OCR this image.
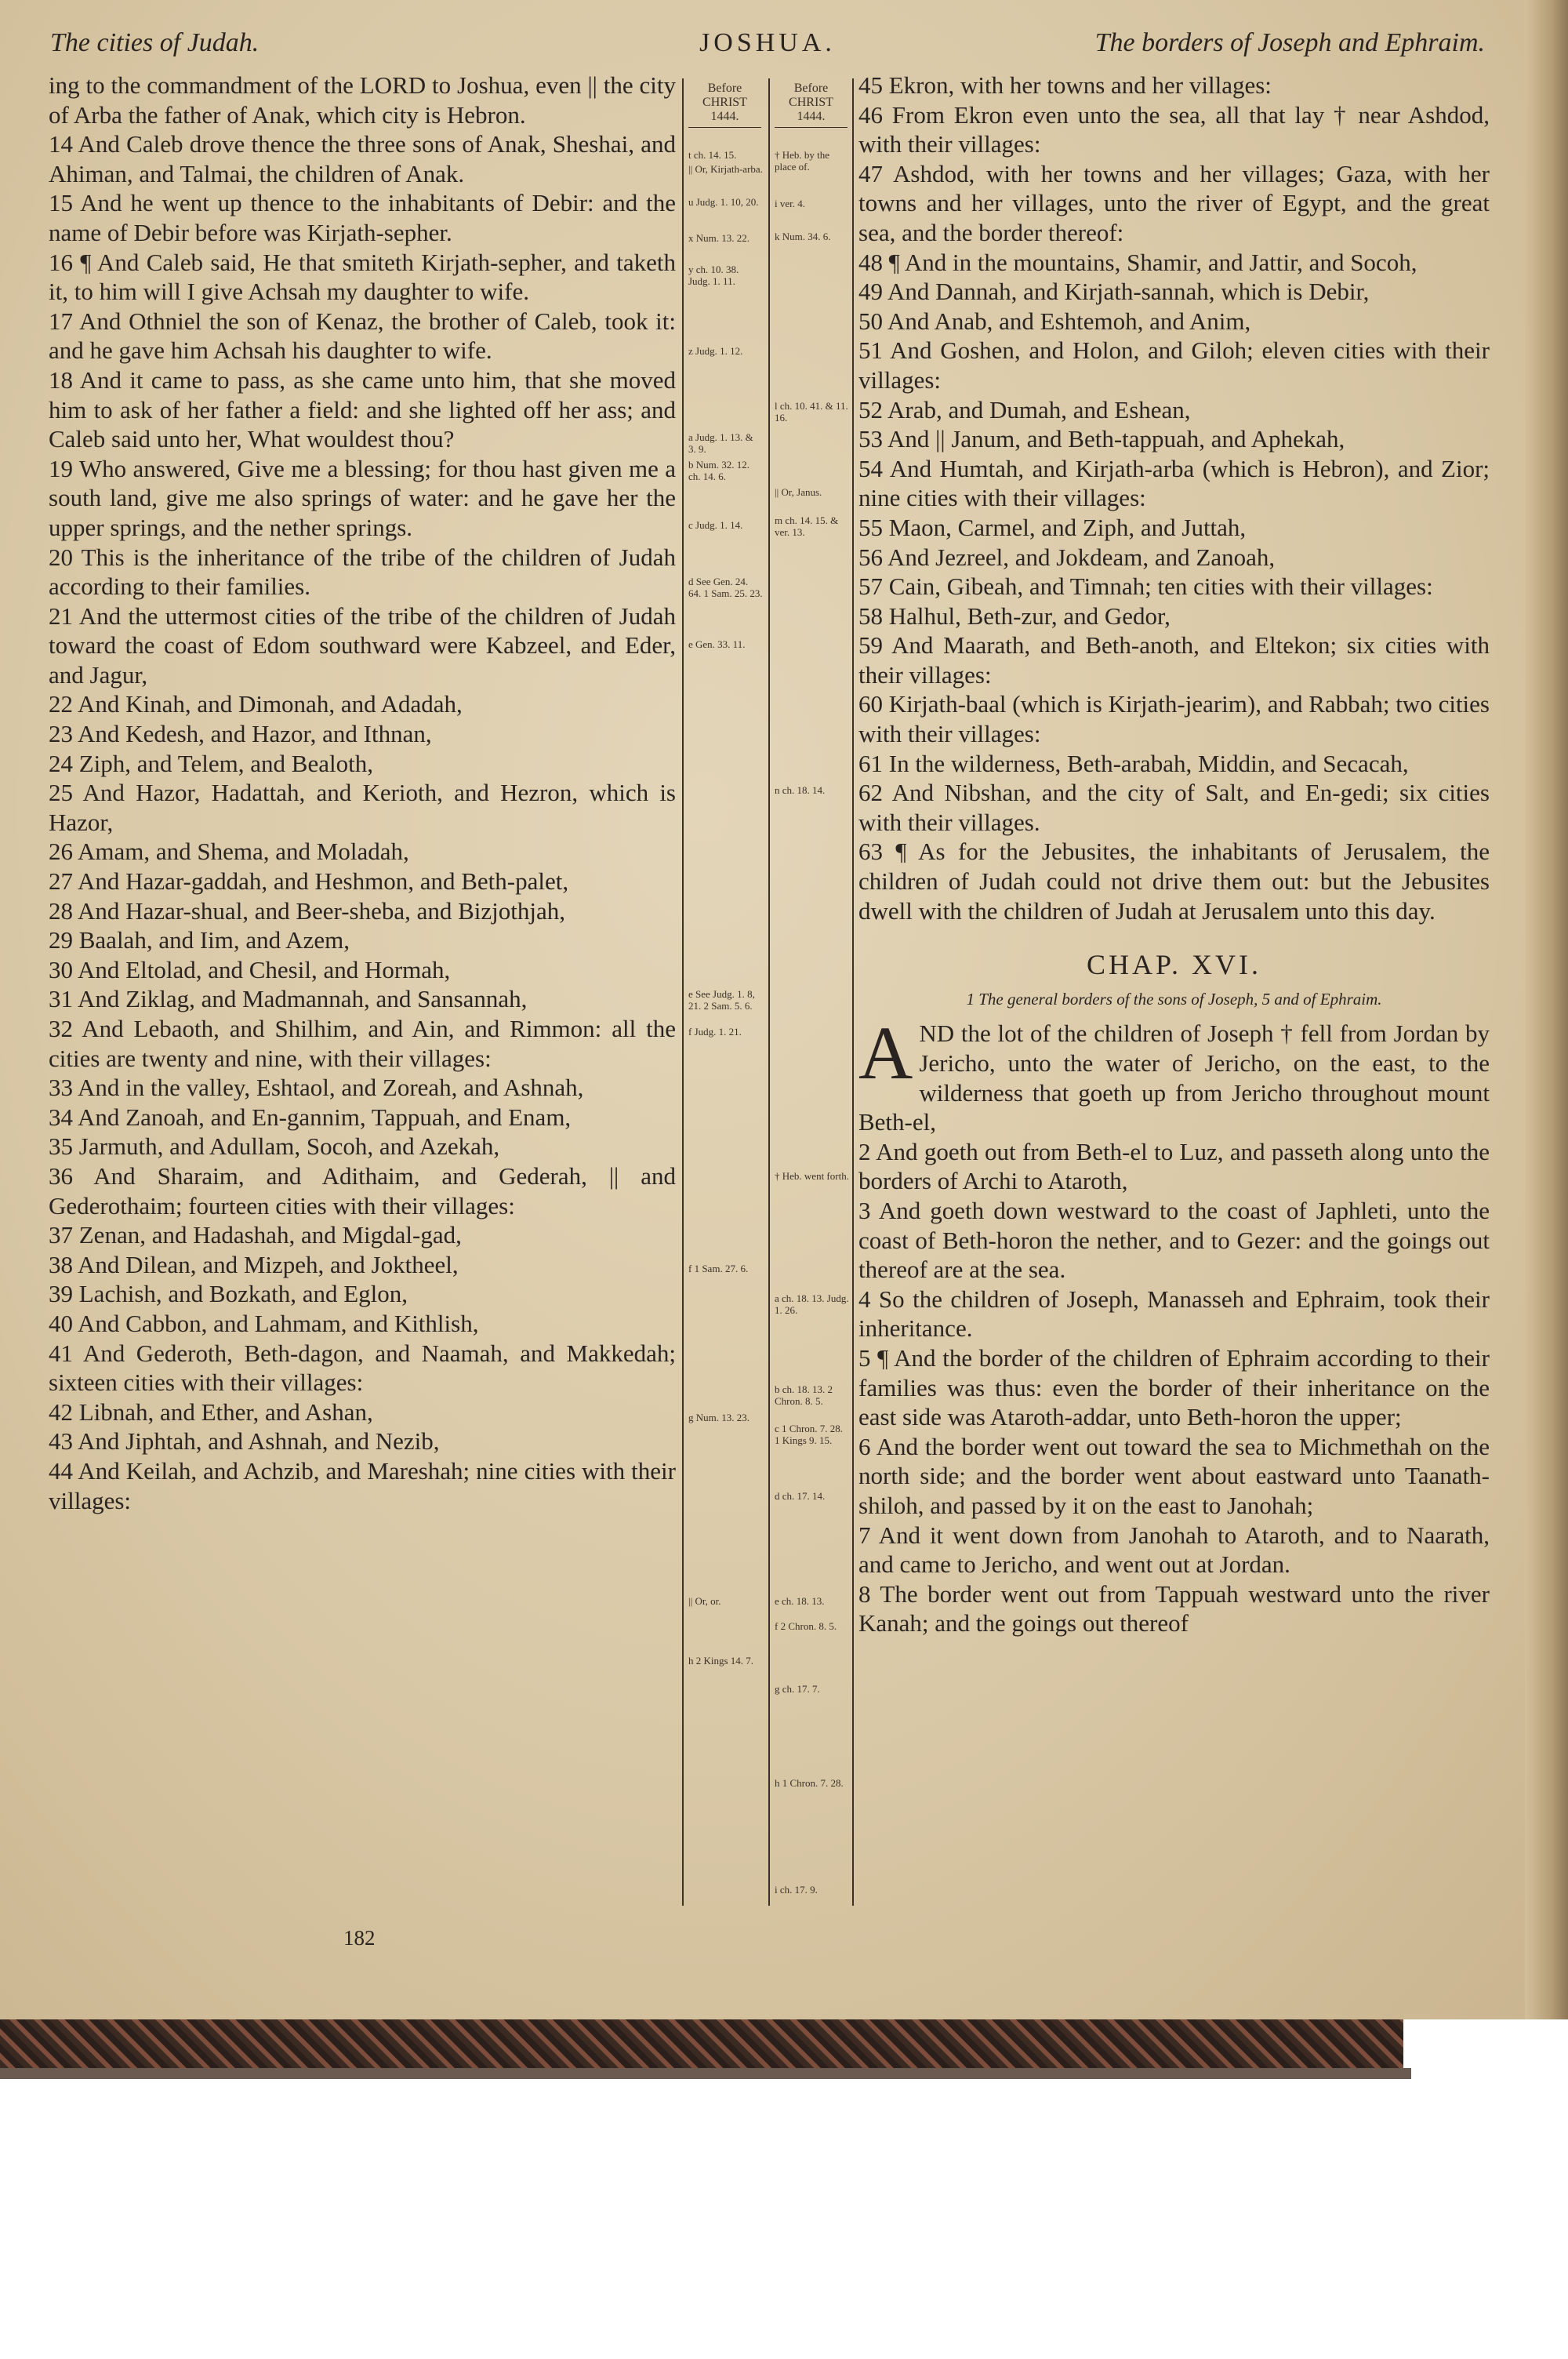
The cities of Judah.	JOSHUA.	The borders of Joseph and Ephraim.

ing to the commandment of the LORD to Joshua, even || the city of Arba the father of Anak, which city is Hebron.

14 And Caleb drove thence the three sons of Anak, Sheshai, and Ahiman, and Talmai, the children of Anak.

15 And he went up thence to the inhabitants of Debir: and the name of Debir before was Kirjath-sepher.

16 ¶ And Caleb said, He that smiteth Kirjath-sepher, and taketh it, to him will I give Achsah my daughter to wife.

17 And Othniel the son of Kenaz, the brother of Caleb, took it: and he gave him Achsah his daughter to wife.

18 And it came to pass, as she came unto him, that she moved him to ask of her father a field: and she lighted off her ass; and Caleb said unto her, What wouldest thou?

19 Who answered, Give me a blessing; for thou hast given me a south land, give me also springs of water: and he gave her the upper springs, and the nether springs.

20 This is the inheritance of the tribe of the children of Judah according to their families.

21 And the uttermost cities of the tribe of the children of Judah toward the coast of Edom southward were Kabzeel, and Eder, and Jagur,

22 And Kinah, and Dimonah, and Adadah,

23 And Kedesh, and Hazor, and Ithnan,

24 Ziph, and Telem, and Bealoth,

25 And Hazor, Hadattah, and Kerioth, and Hezron, which is Hazor,

26 Amam, and Shema, and Moladah,

27 And Hazar-gaddah, and Heshmon, and Beth-palet,

28 And Hazar-shual, and Beer-sheba, and Bizjothjah,

29 Baalah, and Iim, and Azem,

30 And Eltolad, and Chesil, and Hormah,

31 And Ziklag, and Madmannah, and Sansannah,

32 And Lebaoth, and Shilhim, and Ain, and Rimmon: all the cities are twenty and nine, with their villages:

33 And in the valley, Eshtaol, and Zoreah, and Ashnah,

34 And Zanoah, and En-gannim, Tappuah, and Enam,

35 Jarmuth, and Adullam, Socoh, and Azekah,

36 And Sharaim, and Adithaim, and Gederah, || and Gederothaim; fourteen cities with their villages:

37 Zenan, and Hadashah, and Migdal-gad,

38 And Dilean, and Mizpeh, and Joktheel,

39 Lachish, and Bozkath, and Eglon,

40 And Cabbon, and Lahmam, and Kithlish,

41 And Gederoth, Beth-dagon, and Naamah, and Makkedah; sixteen cities with their villages:

42 Libnah, and Ether, and Ashan,

43 And Jiphtah, and Ashnah, and Nezib,

44 And Keilah, and Achzib, and Mareshah; nine cities with their villages:

Before CHRIST 1444.
t ch. 14. 15.
|| Or, Kirjath-arba.
u Judg. 1. 10, 20.
x Num. 13. 22.
y ch. 10. 38. Judg. 1. 11.
z Judg. 1. 12.
a Judg. 1. 13. & 3. 9.
b Num. 32. 12. ch. 14. 6.
c Judg. 1. 14.
d See Gen. 24. 64. 1 Sam. 25. 23.
e Gen. 33. 11.
e See Judg. 1. 8, 21. 2 Sam. 5. 6.
f Judg. 1. 21.
f 1 Sam. 27. 6.
g Num. 13. 23.
|| Or, or.
h 2 Kings 14. 7.
Before CHRIST 1444.
† Heb. by the place of.
i ver. 4.
k Num. 34. 6.
l ch. 10. 41. & 11. 16.
|| Or, Janus.
m ch. 14. 15. & ver. 13.
n ch. 18. 14.
† Heb. went forth.
a ch. 18. 13. Judg. 1. 26.
b ch. 18. 13. 2 Chron. 8. 5.
c 1 Chron. 7. 28. 1 Kings 9. 15.
d ch. 17. 14.
e ch. 18. 13.
f 2 Chron. 8. 5.
g ch. 17. 7.
h 1 Chron. 7. 28.
i ch. 17. 9.

45 Ekron, with her towns and her villages:

46 From Ekron even unto the sea, all that lay † near Ashdod, with their villages:

47 Ashdod, with her towns and her villages; Gaza, with her towns and her villages, unto the river of Egypt, and the great sea, and the border thereof:

48 ¶ And in the mountains, Shamir, and Jattir, and Socoh,

49 And Dannah, and Kirjath-sannah, which is Debir,

50 And Anab, and Eshtemoh, and Anim,

51 And Goshen, and Holon, and Giloh; eleven cities with their villages:

52 Arab, and Dumah, and Eshean,

53 And || Janum, and Beth-tappuah, and Aphekah,

54 And Humtah, and Kirjath-arba (which is Hebron), and Zior; nine cities with their villages:

55 Maon, Carmel, and Ziph, and Juttah,

56 And Jezreel, and Jokdeam, and Zanoah,

57 Cain, Gibeah, and Timnah; ten cities with their villages:

58 Halhul, Beth-zur, and Gedor,

59 And Maarath, and Beth-anoth, and Eltekon; six cities with their villages:

60 Kirjath-baal (which is Kirjath-jearim), and Rabbah; two cities with their villages:

61 In the wilderness, Beth-arabah, Middin, and Secacah,

62 And Nibshan, and the city of Salt, and En-gedi; six cities with their villages.

63 ¶ As for the Jebusites, the inhabitants of Jerusalem, the children of Judah could not drive them out: but the Jebusites dwell with the children of Judah at Jerusalem unto this day.

CHAP. XVI.
1 The general borders of the sons of Joseph, 5 and of Ephraim.

A ND the lot of the children of Joseph † fell from Jordan by Jericho, unto the water of Jericho, on the east, to the wilderness that goeth up from Jericho throughout mount Beth-el,

2 And goeth out from Beth-el to Luz, and passeth along unto the borders of Archi to Ataroth,

3 And goeth down westward to the coast of Japhleti, unto the coast of Beth-horon the nether, and to Gezer: and the goings out thereof are at the sea.

4 So the children of Joseph, Manasseh and Ephraim, took their inheritance.

5 ¶ And the border of the children of Ephraim according to their families was thus: even the border of their inheritance on the east side was Ataroth-addar, unto Beth-horon the upper;

6 And the border went out toward the sea to Michmethah on the north side; and the border went about eastward unto Taanath-shiloh, and passed by it on the east to Janohah;

7 And it went down from Janohah to Ataroth, and to Naarath, and came to Jericho, and went out at Jordan.

8 The border went out from Tappuah westward unto the river Kanah; and the goings out thereof

182
